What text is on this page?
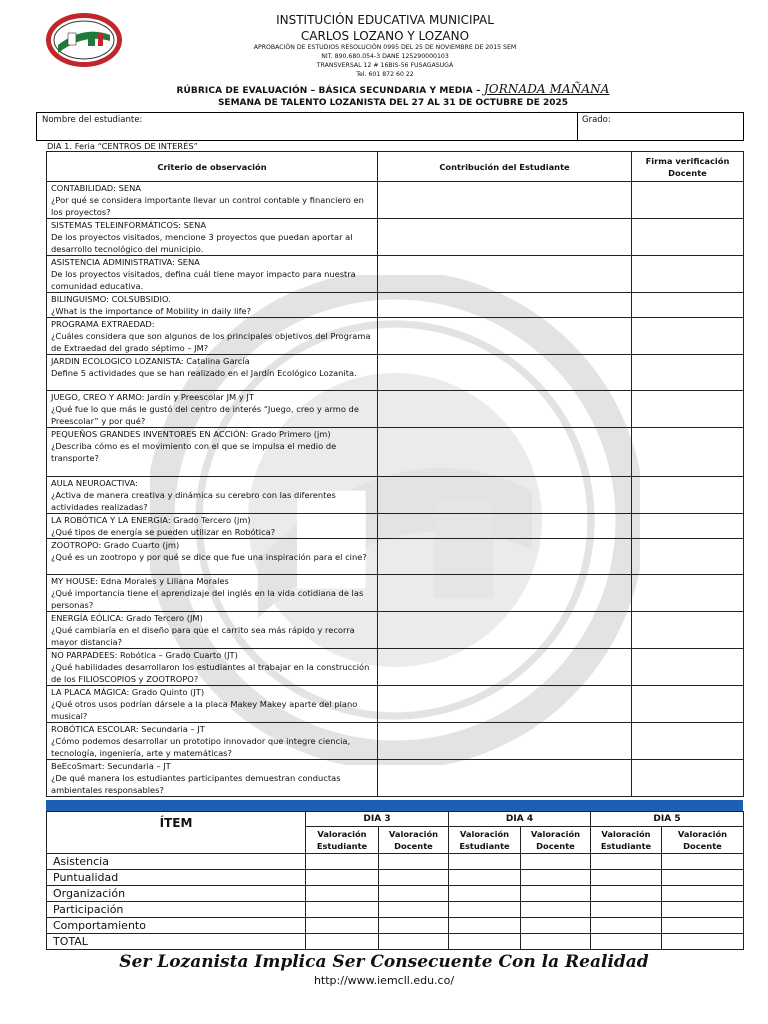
INSTITUCIÓN EDUCATIVA MUNICIPAL
CARLOS LOZANO Y LOZANO
APROBACIÓN DE ESTUDIOS RESOLUCIÓN 0995 DEL 25 DE NOVIEMBRE DE 2015 SEM
NIT. 890.680.054-3 DANE 125290000103
TRANSVERSAL 12 # 16BIS-56 FUSAGASUGÁ
Tel. 601 872 60 22
RÚBRICA DE EVALUACIÓN – BÁSICA SECUNDARIA Y MEDIA – JORNADA MAÑANA
SEMANA DE TALENTO LOZANISTA DEL 27 AL 31 DE OCTUBRE DE 2025
Nombre del estudiante:	Grado:
DIA 1. Feria “CENTROS DE INTERÉS”
Criterio de observación	Contribución del Estudiante	Firma verificación Docente

CONTABILIDAD: SENA
¿Por qué se considera importante llevar un control contable y financiero en los proyectos?		

SISTEMAS TELEINFORMÁTICOS: SENA
De los proyectos visitados, mencione 3 proyectos que puedan aportar al desarrollo tecnológico del municipio.		

ASISTENCIA ADMINISTRATIVA: SENA
De los proyectos visitados, defina cuál tiene mayor impacto para nuestra comunidad educativa.		

BILINGUISMO: COLSUBSIDIO.
¿What is the importance of Mobility in daily life?		

PROGRAMA EXTRAEDAD:
¿Cuáles considera que son algunos de los principales objetivos del Programa de Extraedad del grado séptimo – JM?		

JARDIN ECOLOGICO LOZANISTA: Catalina García
Define 5 actividades que se han realizado en el Jardín Ecológico Lozanita.		

JUEGO, CREO Y ARMO: Jardín y Preescolar JM y JT
¿Qué fue lo que más le gustó del centro de interés “Juego, creo y armo de Preescolar” y por qué?		

PEQUEÑOS GRANDES INVENTORES EN ACCIÓN: Grado Primero (jm)
¿Describa cómo es el movimiento con el que se impulsa el medio de transporte?		

AULA NEUROACTIVA:
¿Activa de manera creativa y dinámica su cerebro con las diferentes actividades realizadas?		

LA ROBÓTICA Y LA ENERGIA: Grado Tercero (jm)
¿Qué tipos de energía se pueden utilizar en Robótica?		

ZOOTROPO: Grado Cuarto (jm)
¿Qué es un zootropo y por qué se dice que fue una inspiración para el cine?		

MY HOUSE: Edna Morales y Liliana Morales
¿Qué importancia tiene el aprendizaje del inglés en la vida cotidiana de las personas?		

ENERGÍA EÓLICA: Grado Tercero (JM)
¿Qué cambiaría en el diseño para que el carrito sea más rápido y recorra mayor distancia?		

NO PARPADEES: Robótica – Grado Cuarto (JT)
¿Qué habilidades desarrollaron los estudiantes al trabajar en la construcción de los FILIOSCOPIOS y ZOOTROPO?		

LA PLACA MÁGICA: Grado Quinto (JT)
¿Qué otros usos podrían dársele a la placa Makey Makey aparte del plano musical?		

ROBÓTICA ESCOLAR: Secundaria – JT
¿Cómo podemos desarrollar un prototipo innovador que integre ciencia, tecnología, ingeniería, arte y matemáticas?		

BeEcoSmart: Secundaria – JT
¿De qué manera los estudiantes participantes demuestran conductas ambientales responsables?		

ÍTEM	DIA 3		DIA 4		DIA 5	
	Valoración Estudiante	Valoración Docente	Valoración Estudiante	Valoración Docente	Valoración Estudiante	Valoración Docente
Asistencia						
Puntualidad						
Organización						
Participación						
Comportamiento						
TOTAL						
Ser Lozanista Implica Ser Consecuente Con la Realidad
http://www.iemcll.edu.co/
